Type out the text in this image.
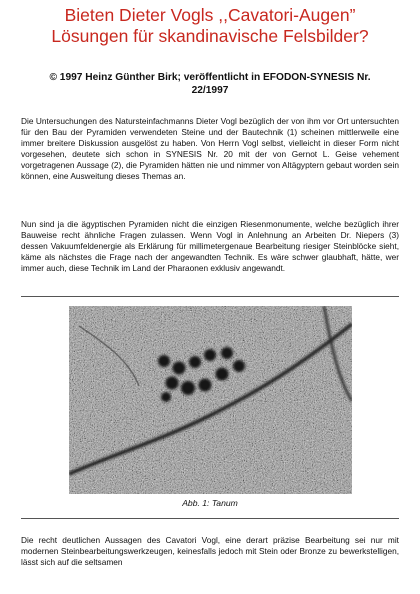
Bieten Dieter Vogls ,,Cavatori-Augen”
Lösungen für skandinavische Felsbilder?
© 1997 Heinz Günther Birk; veröffentlicht in EFODON-SYNESIS Nr.
22/1997
Die Untersuchungen des Natursteinfachmanns Dieter Vogl bezüglich der von ihm vor Ort untersuchten für den Bau der Pyramiden verwendeten Steine und der Bautechnik (1) scheinen mittlerweile eine immer breitere Diskussion ausgelöst zu haben. Von Herrn Vogl selbst, vielleicht in dieser Form nicht vorgesehen, deutete sich schon in SYNESIS Nr. 20 mit der von Gernot L. Geise vehement vorgetragenen Aussage (2), die Pyramiden hätten nie und nimmer von Altägyptern gebaut worden sein können, eine Ausweitung dieses Themas an.
Nun sind ja die ägyptischen Pyramiden nicht die einzigen Riesenmonumente, welche bezüglich ihrer Bauweise recht ähnliche Fragen zulassen. Wenn Vogl in Anlehnung an Arbeiten Dr. Niepers (3) dessen Vakuumfeldenergie als Erklärung für millimetergenaue Bearbeitung riesiger Steinblöcke sieht, käme als nächstes die Frage nach der angewandten Technik. Es wäre schwer glaubhaft, hätte, wer immer auch, diese Technik im Land der Pharaonen exklusiv angewandt.
Abb. 1: Tanum
Die recht deutlichen Aussagen des Cavatori Vogl, eine derart präzise Bearbeitung sei nur mit modernen Steinbearbeitungswerkzeugen, keinesfalls jedoch mit Stein oder Bronze zu bewerkstelligen, lässt sich auf die seltsamen
